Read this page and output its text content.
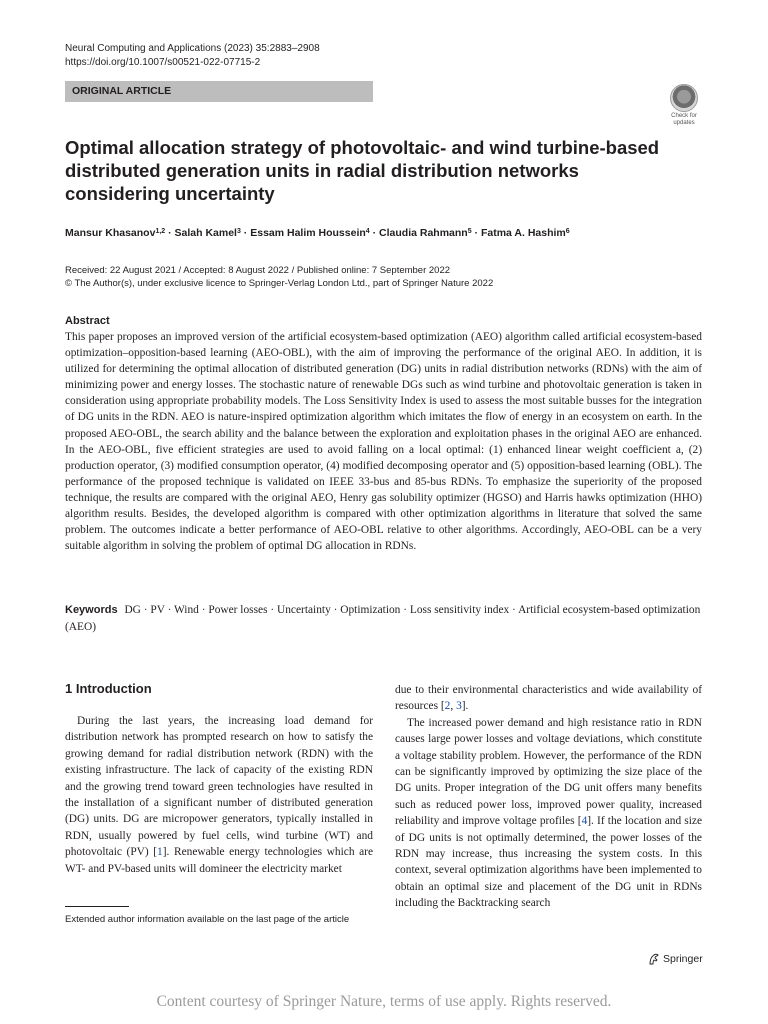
Neural Computing and Applications (2023) 35:2883–2908
https://doi.org/10.1007/s00521-022-07715-2
ORIGINAL ARTICLE
Check for updates
Optimal allocation strategy of photovoltaic- and wind turbine-based distributed generation units in radial distribution networks considering uncertainty
Mansur Khasanov$^{1,2}$ · Salah Kamel$^3$ · Essam Halim Houssein$^4$ · Claudia Rahmann$^5$ · Fatma A. Hashim$^6$
Received: 22 August 2021 / Accepted: 8 August 2022 / Published online: 7 September 2022
© The Author(s), under exclusive licence to Springer-Verlag London Ltd., part of Springer Nature 2022
Abstract
This paper proposes an improved version of the artificial ecosystem-based optimization (AEO) algorithm called artificial ecosystem-based optimization–opposition-based learning (AEO-OBL), with the aim of improving the performance of the original AEO. In addition, it is utilized for determining the optimal allocation of distributed generation (DG) units in radial distribution networks (RDNs) with the aim of minimizing power and energy losses. The stochastic nature of renewable DGs such as wind turbine and photovoltaic generation is taken in consideration using appropriate probability models. The Loss Sensitivity Index is used to assess the most suitable busses for the integration of DG units in the RDN. AEO is nature-inspired optimization algorithm which imitates the flow of energy in an ecosystem on earth. In the proposed AEO-OBL, the search ability and the balance between the exploration and exploitation phases in the original AEO are enhanced. In the AEO-OBL, five efficient strategies are used to avoid falling on a local optimal: (1) enhanced linear weight coefficient a, (2) production operator, (3) modified consumption operator, (4) modified decomposing operator and (5) opposition-based learning (OBL). The performance of the proposed technique is validated on IEEE 33-bus and 85-bus RDNs. To emphasize the superiority of the proposed technique, the results are compared with the original AEO, Henry gas solubility optimizer (HGSO) and Harris hawks optimization (HHO) algorithm results. Besides, the developed algorithm is compared with other optimization algorithms in literature that solved the same problem. The outcomes indicate a better performance of AEO-OBL relative to other algorithms. Accordingly, AEO-OBL can be a very suitable algorithm in solving the problem of optimal DG allocation in RDNs.
Keywords DG · PV · Wind · Power losses · Uncertainty · Optimization · Loss sensitivity index · Artificial ecosystem-based optimization (AEO)
1 Introduction

During the last years, the increasing load demand for distribution network has prompted research on how to satisfy the growing demand for radial distribution network (RDN) with the existing infrastructure. The lack of capacity of the existing RDN and the growing trend toward green technologies have resulted in the installation of a significant number of distributed generation (DG) units. DG are micropower generators, typically installed in RDN, usually powered by fuel cells, wind turbine (WT) and photovoltaic (PV) [1]. Renewable energy technologies which are WT- and PV-based units will domineer the electricity market

due to their environmental characteristics and wide availability of resources [2, 3].

The increased power demand and high resistance ratio in RDN causes large power losses and voltage deviations, which constitute a voltage stability problem. However, the performance of the RDN can be significantly improved by optimizing the size place of the DG units. Proper integration of the DG unit offers many benefits such as reduced power loss, improved power quality, increased reliability and improve voltage profiles [4]. If the location and size of DG units is not optimally determined, the power losses of the RDN may increase, thus increasing the system costs. In this context, several optimization algorithms have been implemented to obtain an optimal size and placement of the DG unit in RDNs including the Backtracking search

Extended author information available on the last page of the article
Springer
Content courtesy of Springer Nature, terms of use apply. Rights reserved.
